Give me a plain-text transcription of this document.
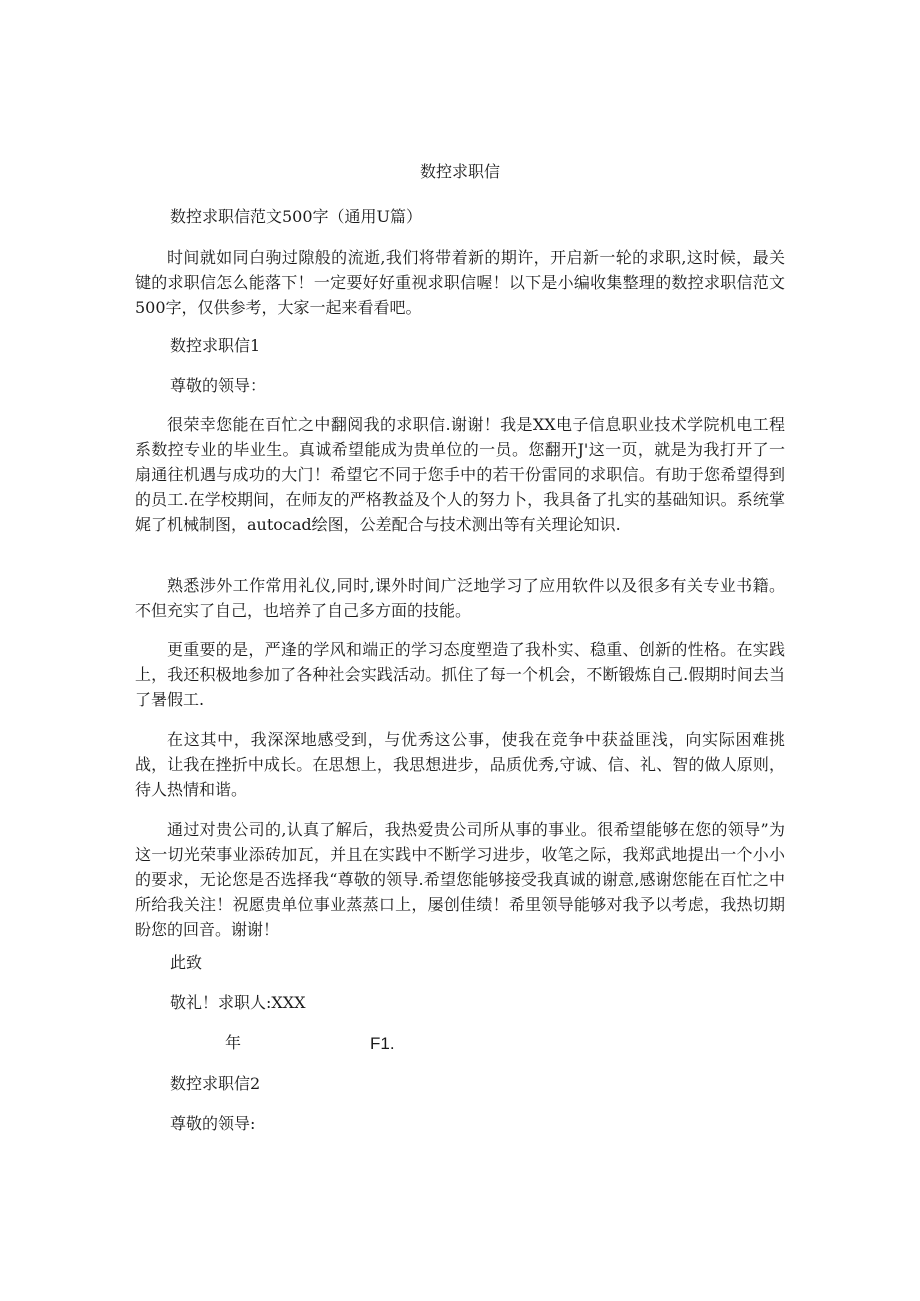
数控求职信
数控求职信范文500字（通用U篇）
时间就如同白驹过隙般的流逝,我们将带着新的期许，开启新一轮的求职,这时候，最关键的求职信怎么能落下！一定要好好重视求职信喔！以下是小编收集整理的数控求职信范文500字，仅供参考，大家一起来看看吧。
数控求职信1
尊敬的领导：
很荣幸您能在百忙之中翻阅我的求职信.谢谢！我是XX电子信息职业技术学院机电工程系数控专业的毕业生。真诚希望能成为贵单位的一员。您翻开J'这一页，就是为我打开了一扇通往机遇与成功的大门！希望它不同于您手中的若干份雷同的求职信。有助于您希望得到的员工.在学校期间，在师友的严格教益及个人的努力卜，我具备了扎实的基础知识。系统掌娓了机械制图，autocad绘图，公差配合与技术测出等有关理论知识.
熟悉涉外工作常用礼仪,同时,课外时间广泛地学习了应用软件以及很多有关专业书籍。不但充实了自己，也培养了自己多方面的技能。
更重要的是，严逢的学风和端正的学习态度塑造了我朴实、稳重、创新的性格。在实践上，我还积极地参加了各种社会实践活动。抓住了每一个机会，不断锻炼自己.假期时间去当了暑假工.
在这其中，我深深地感受到，与优秀这公事，使我在竞争中获益匪浅，向实际困难挑战，让我在挫折中成长。在思想上，我思想进步，品质优秀,守诚、信、礼、智的做人原则，待人热情和谐。
通过对贵公司的,认真了解后，我热爱贵公司所从事的事业。很希望能够在您的领导”为这一切光荣事业添砖加瓦，并且在实践中不断学习进步，收笔之际，我郑武地提出一个小小的要求，无论您是否选择我“尊敬的领导.希望您能够接受我真诚的谢意,感谢您能在百忙之中所给我关注！祝愿贵单位事业蒸蒸口上，屡创佳绩！希里领导能够对我予以考虑，我热切期盼您的回音。谢谢！
此致
敬礼！求职人:XXX
年	F1.
数控求职信2
尊敬的领导:
